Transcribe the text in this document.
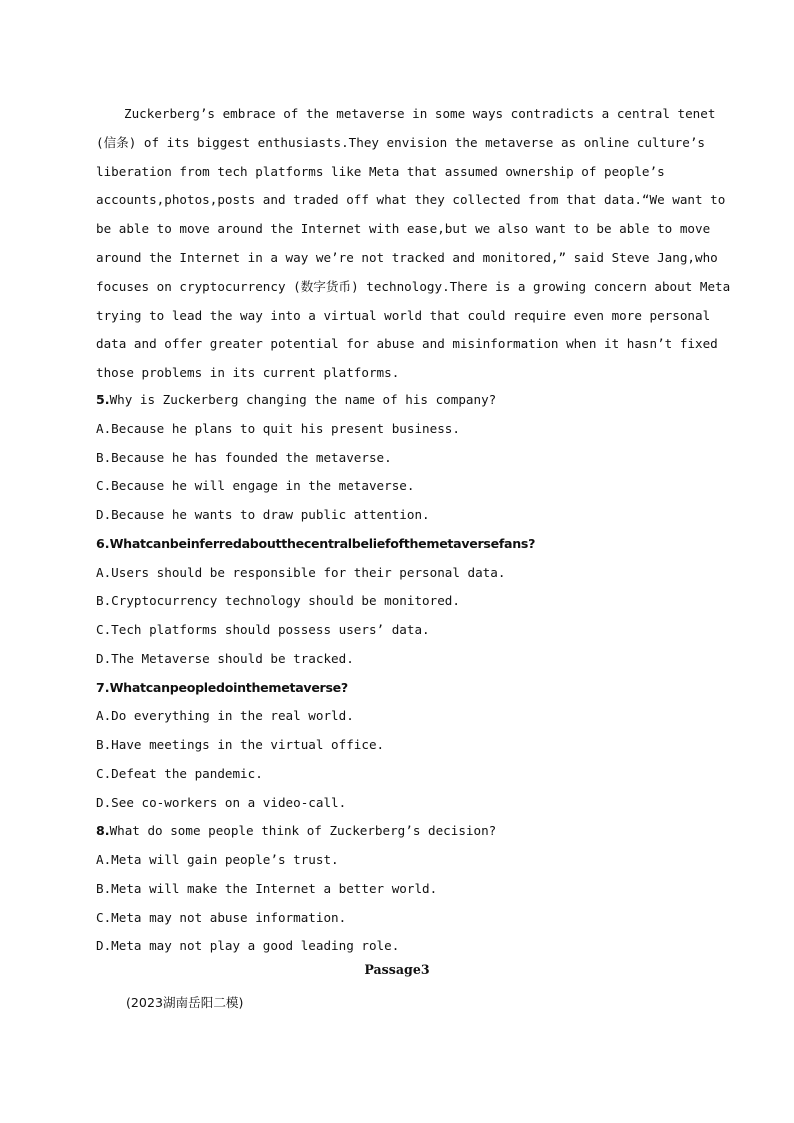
Zuckerberg’s embrace of the metaverse in some ways contradicts a central tenet
(信条) of its biggest enthusiasts.They envision the metaverse as online culture’s
liberation from tech platforms like Meta that assumed ownership of people’s
accounts,photos,posts and traded off what they collected from that data.“We want to
be able to move around the Internet with ease,but we also want to be able to move
around the Internet in a way we’re not tracked and monitored,” said Steve Jang,who
focuses on cryptocurrency (数字货币) technology.There is a growing concern about Meta
trying to lead the way into a virtual world that could require even more personal
data and offer greater potential for abuse and misinformation when it hasn’t fixed
those problems in its current platforms.

5.Why is Zuckerberg changing the name of his company?
A.Because he plans to quit his present business.
B.Because he has founded the metaverse.
C.Because he will engage in the metaverse.
D.Because he wants to draw public attention.
6.Whatcanbeinferredaboutthecentralbeliefofthemetaversefans?
A.Users should be responsible for their personal data.
B.Cryptocurrency technology should be monitored.
C.Tech platforms should possess users’ data.
D.The Metaverse should be tracked.
7.Whatcanpeopledointhemetaverse?
A.Do everything in the real world.
B.Have meetings in the virtual office.
C.Defeat the pandemic.
D.See co-workers on a video-call.
8.What do some people think of Zuckerberg’s decision?
A.Meta will gain people’s trust.
B.Meta will make the Internet a better world.
C.Meta may not abuse information.
D.Meta may not play a good leading role.
Passage3
(2023湖南岳阳二模)
